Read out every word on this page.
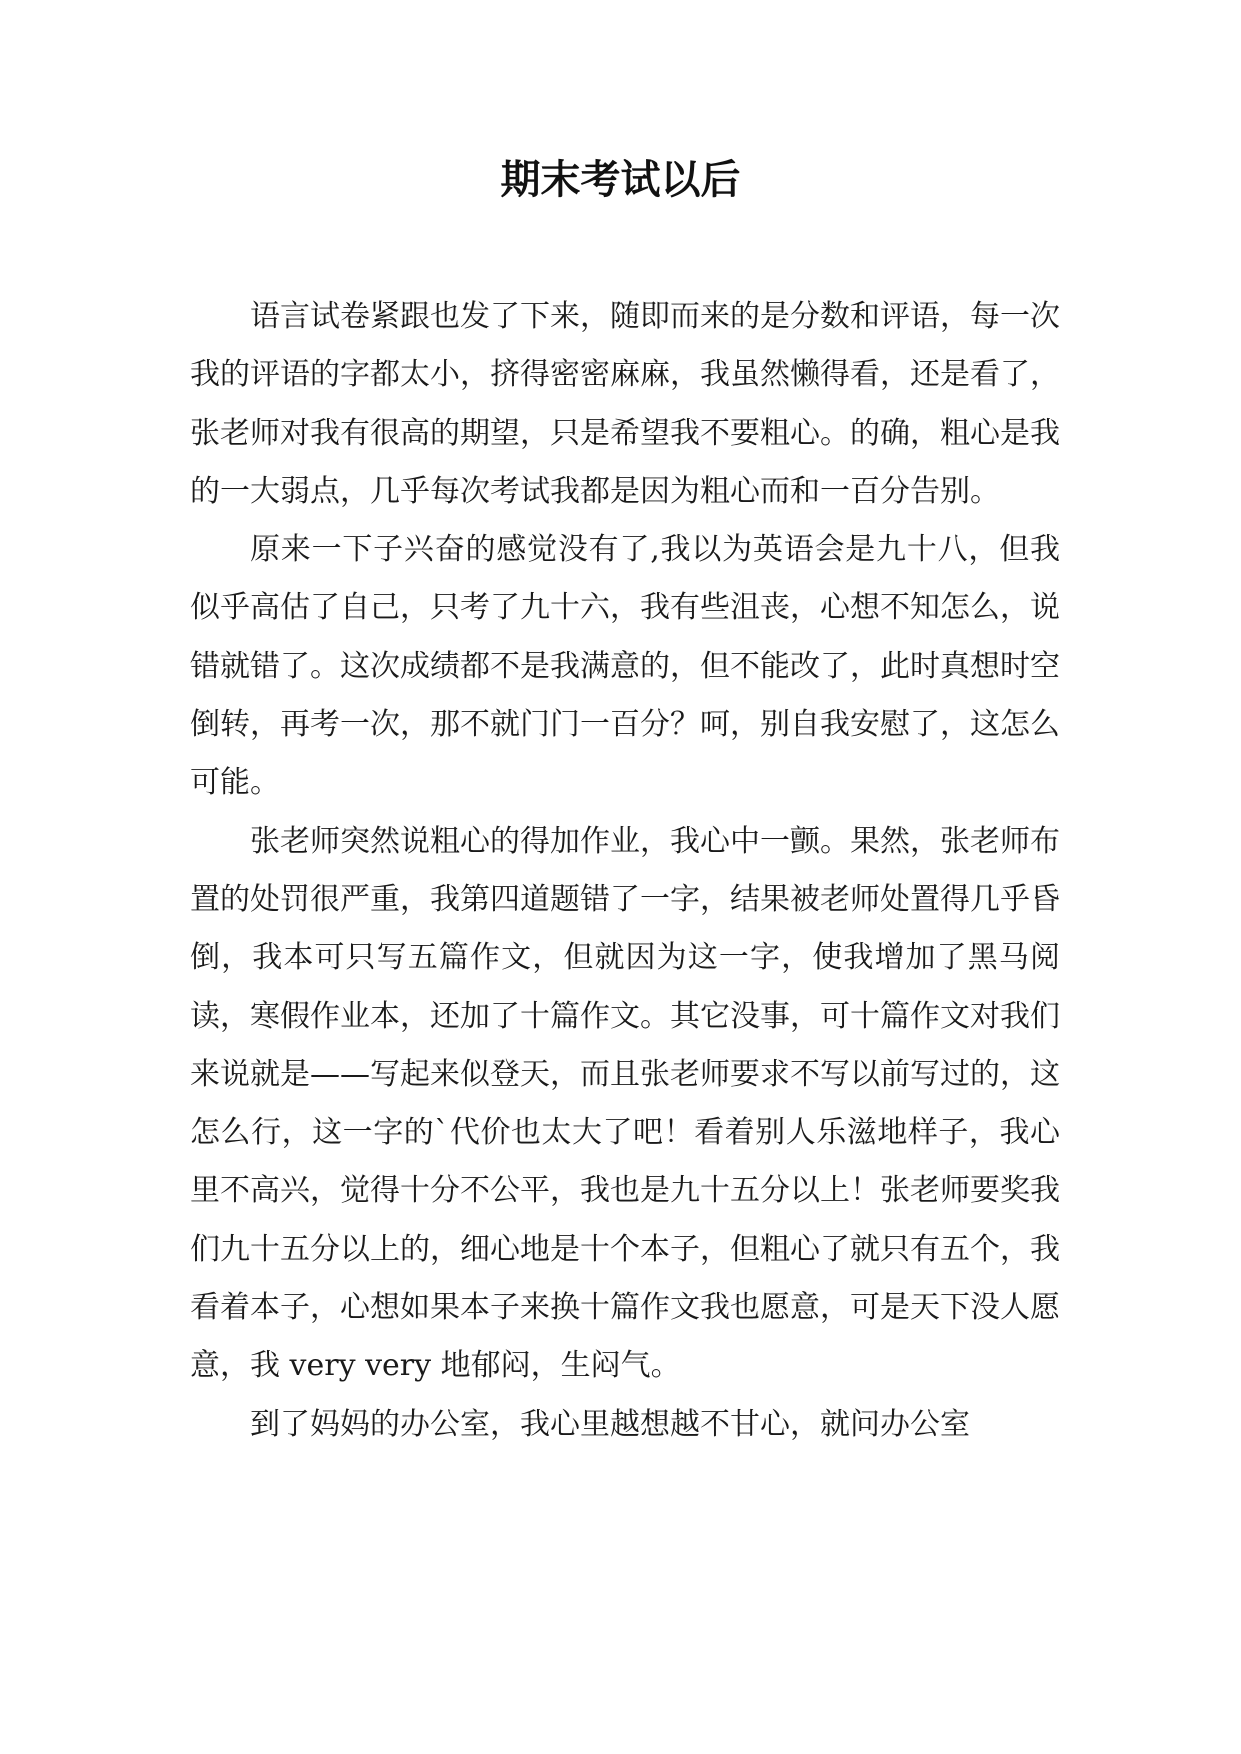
期末考试以后

语言试卷紧跟也发了下来，随即而来的是分数和评语，每一次我的评语的字都太小，挤得密密麻麻，我虽然懒得看，还是看了，张老师对我有很高的期望，只是希望我不要粗心。的确，粗心是我的一大弱点，几乎每次考试我都是因为粗心而和一百分告别。

原来一下子兴奋的感觉没有了,我以为英语会是九十八，但我似乎高估了自己，只考了九十六，我有些沮丧，心想不知怎么，说错就错了。这次成绩都不是我满意的，但不能改了，此时真想时空倒转，再考一次，那不就门门一百分？呵，别自我安慰了，这怎么可能。

张老师突然说粗心的得加作业，我心中一颤。果然，张老师布置的处罚很严重，我第四道题错了一字，结果被老师处置得几乎昏倒，我本可只写五篇作文，但就因为这一字，使我增加了黑马阅读，寒假作业本，还加了十篇作文。其它没事，可十篇作文对我们来说就是——写起来似登天，而且张老师要求不写以前写过的，这怎么行，这一字的`代价也太大了吧！看着别人乐滋地样子，我心里不高兴，觉得十分不公平，我也是九十五分以上！张老师要奖我们九十五分以上的，细心地是十个本子，但粗心了就只有五个，我看着本子，心想如果本子来换十篇作文我也愿意，可是天下没人愿意，我 very very 地郁闷，生闷气。

到了妈妈的办公室，我心里越想越不甘心，就问办公室
